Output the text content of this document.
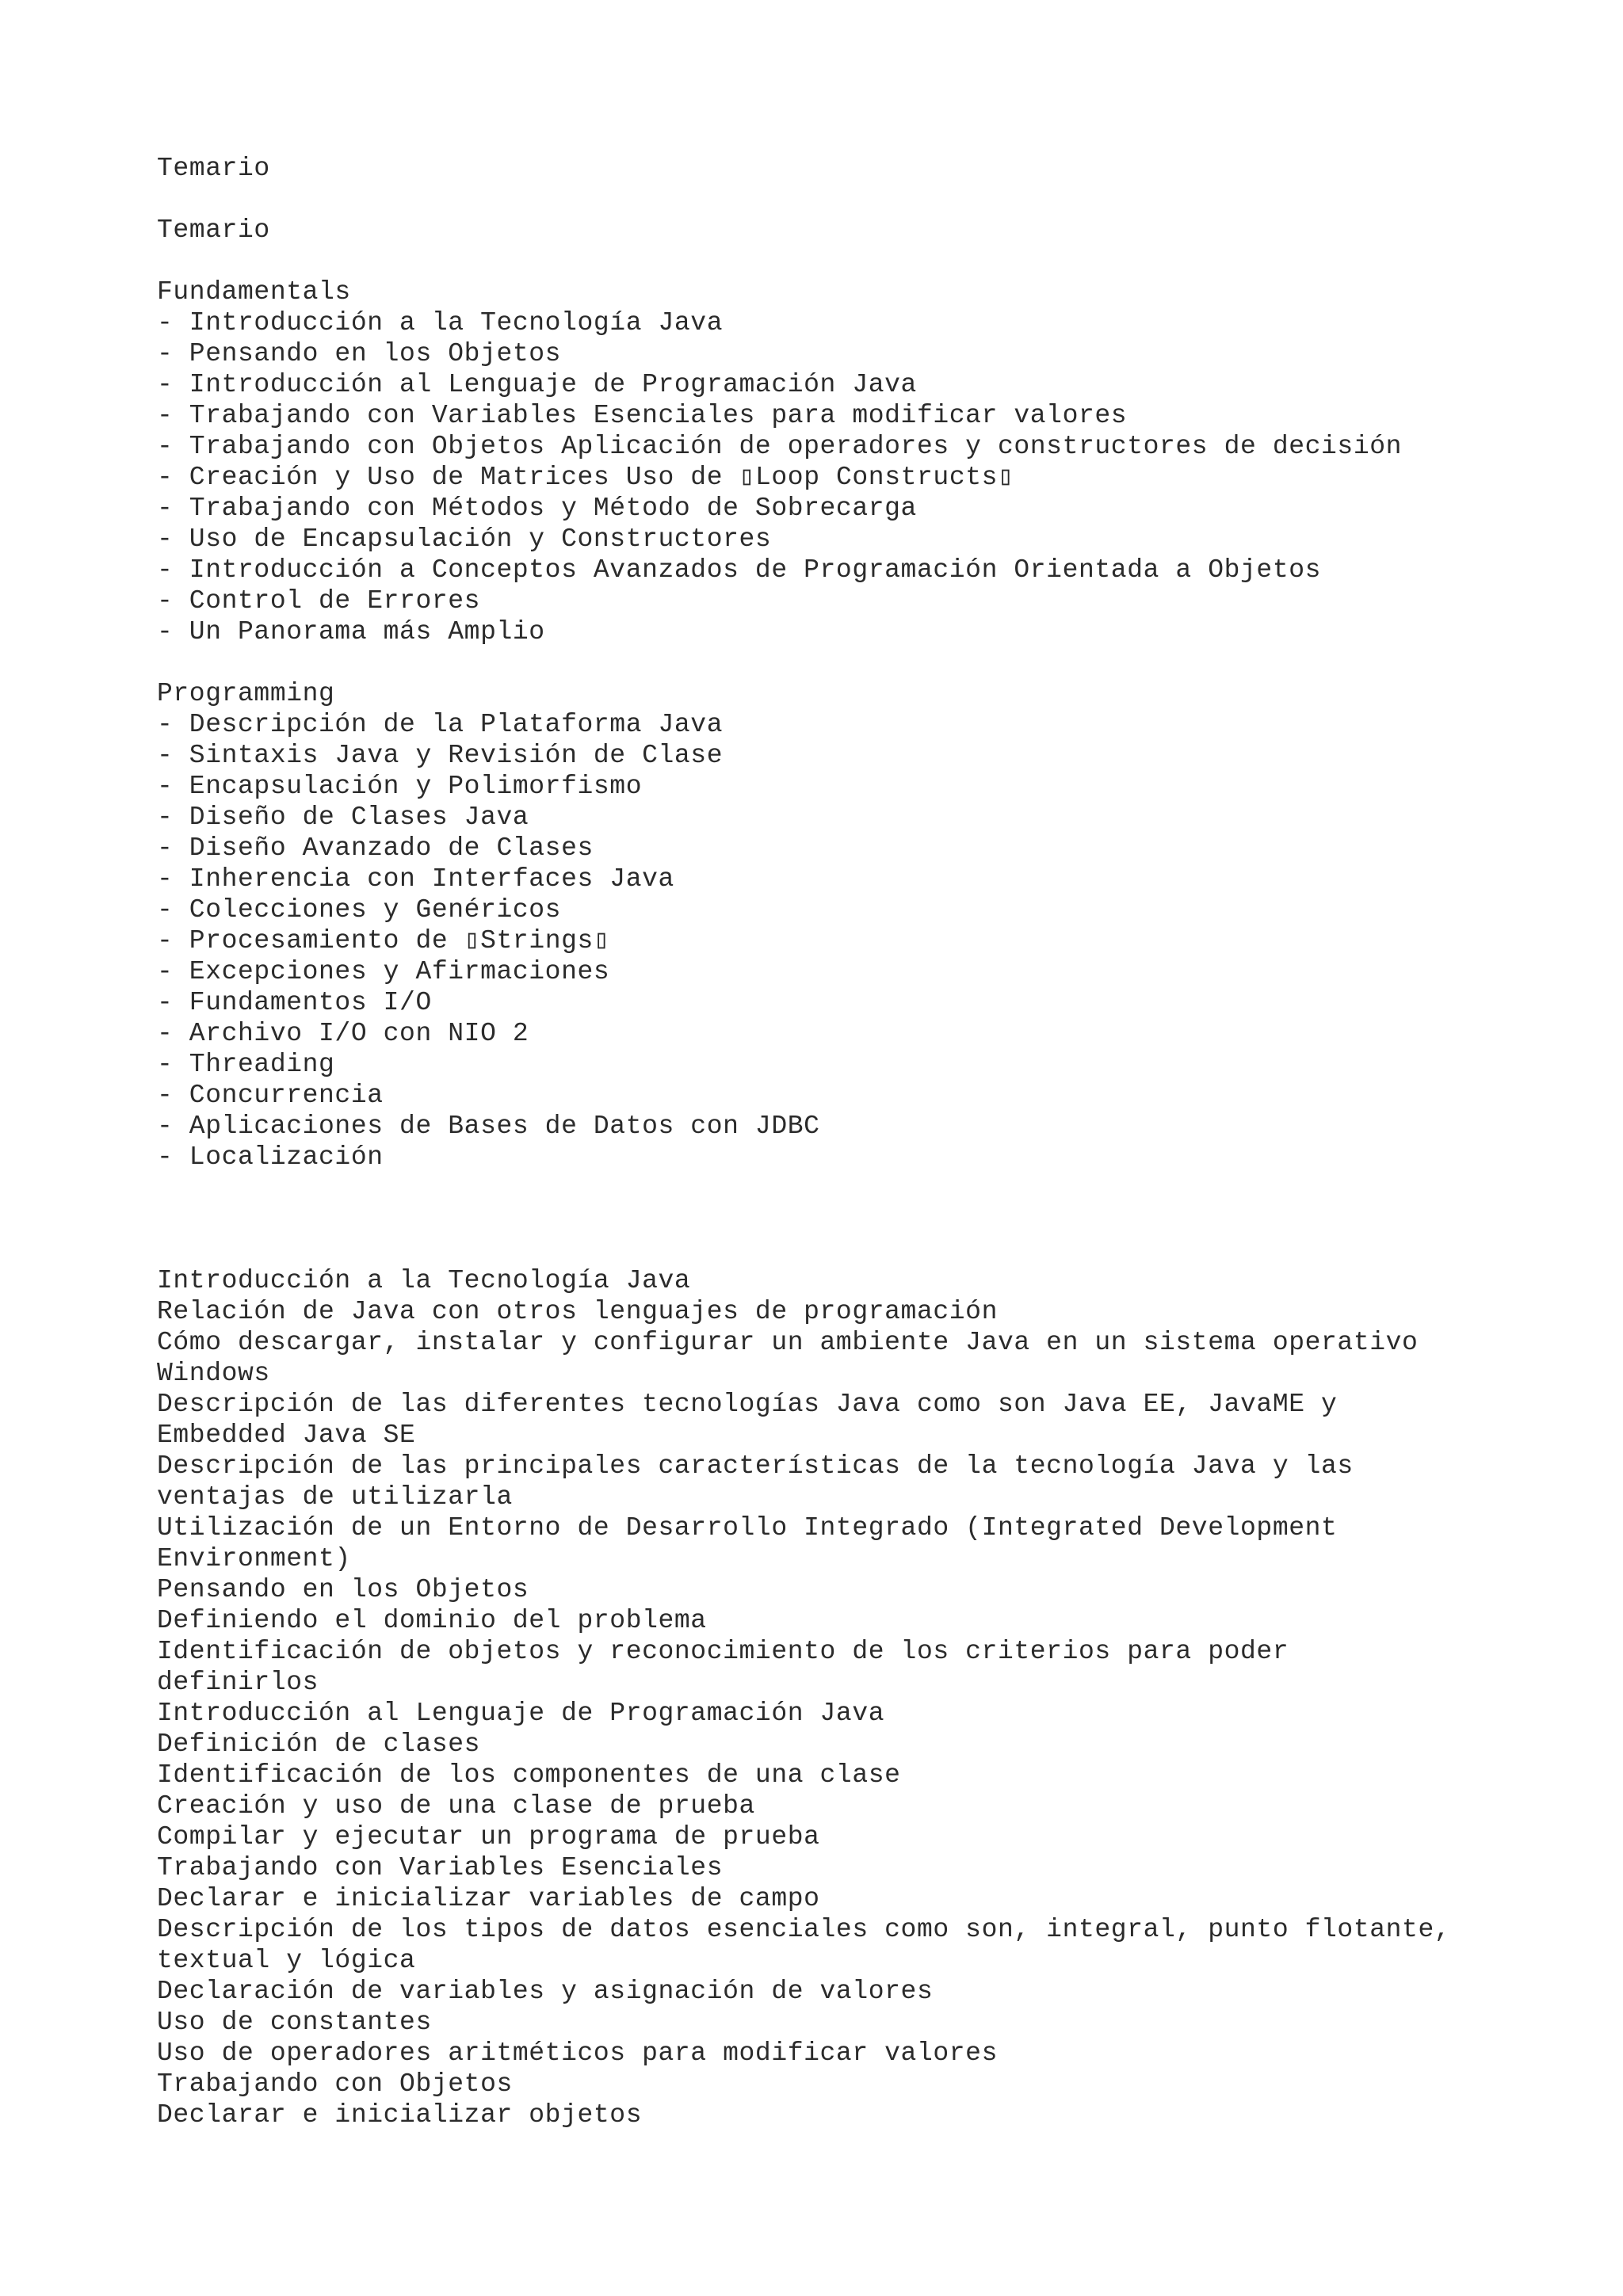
Temario
Temario
Fundamentals
- Introducción a la Tecnología Java
- Pensando en los Objetos
- Introducción al Lenguaje de Programación Java
- Trabajando con Variables Esenciales para modificar valores
- Trabajando con Objetos Aplicación de operadores y constructores de decisión
- Creación y Uso de Matrices Uso de ▯Loop Constructs▯
- Trabajando con Métodos y Método de Sobrecarga
- Uso de Encapsulación y Constructores
- Introducción a Conceptos Avanzados de Programación Orientada a Objetos
- Control de Errores
- Un Panorama más Amplio
Programming
- Descripción de la Plataforma Java
- Sintaxis Java y Revisión de Clase
- Encapsulación y Polimorfismo
- Diseño de Clases Java
- Diseño Avanzado de Clases
- Inherencia con Interfaces Java
- Colecciones y Genéricos
- Procesamiento de ▯Strings▯
- Excepciones y Afirmaciones
- Fundamentos I/O
- Archivo I/O con NIO 2
- Threading
- Concurrencia
- Aplicaciones de Bases de Datos con JDBC
- Localización
Introducción a la Tecnología Java
Relación de Java con otros lenguajes de programación
Cómo descargar, instalar y configurar un ambiente Java en un sistema operativo
Windows
Descripción de las diferentes tecnologías Java como son Java EE, JavaME y
Embedded Java SE
Descripción de las principales características de la tecnología Java y las
ventajas de utilizarla
Utilización de un Entorno de Desarrollo Integrado (Integrated Development
Environment)
Pensando en los Objetos
Definiendo el dominio del problema
Identificación de objetos y reconocimiento de los criterios para poder
definirlos
Introducción al Lenguaje de Programación Java
Definición de clases
Identificación de los componentes de una clase
Creación y uso de una clase de prueba
Compilar y ejecutar un programa de prueba
Trabajando con Variables Esenciales
Declarar e inicializar variables de campo
Descripción de los tipos de datos esenciales como son, integral, punto flotante,
textual y lógica
Declaración de variables y asignación de valores
Uso de constantes
Uso de operadores aritméticos para modificar valores
Trabajando con Objetos
Declarar e inicializar objetos
